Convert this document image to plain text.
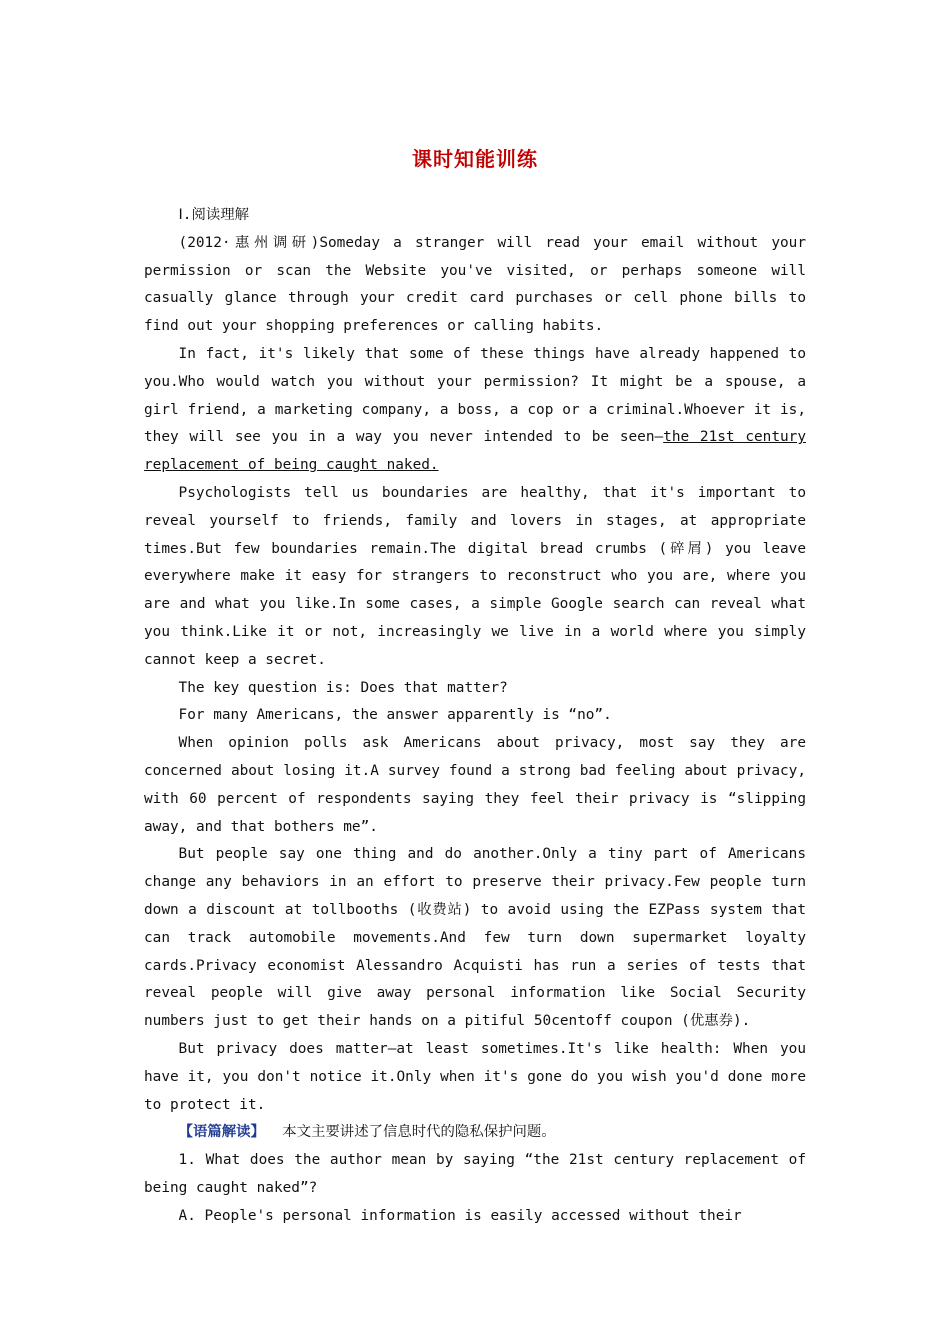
课时知能训练
Ⅰ.阅读理解

(2012·惠州调研)Someday a stranger will read your email without your permission or scan the Website you've visited, or perhaps someone will casually glance through your credit card purchases or cell phone bills to find out your shopping preferences or calling habits.

In fact, it's likely that some of these things have already happened to you.Who would watch you without your permission? It might be a spouse, a girl friend, a marketing company, a boss, a cop or a criminal.Whoever it is, they will see you in a way you never intended to be seen—the 21st century replacement of being caught naked.

Psychologists tell us boundaries are healthy, that it's important to reveal yourself to friends, family and lovers in stages, at appropriate times.But few boundaries remain.The digital bread crumbs (碎屑) you leave everywhere make it easy for strangers to reconstruct who you are, where you are and what you like.In some cases, a simple Google search can reveal what you think.Like it or not, increasingly we live in a world where you simply cannot keep a secret.

The key question is: Does that matter?

For many Americans, the answer apparently is “no”.

When opinion polls ask Americans about privacy, most say they are concerned about losing it.A survey found a strong bad feeling about privacy, with 60 percent of respondents saying they feel their privacy is “slipping away, and that bothers me”.

But people say one thing and do another.Only a tiny part of Americans change any behaviors in an effort to preserve their privacy.Few people turn down a discount at tollbooths (收费站) to avoid using the EZPass system that can track automobile movements.And few turn down supermarket loyalty cards.Privacy economist Alessandro Acquisti has run a series of tests that reveal people will give away personal information like Social Security numbers just to get their hands on a pitiful 50centoff coupon (优惠券).

But privacy does matter—at least sometimes.It's like health: When you have it, you don't notice it.Only when it's gone do you wish you'd done more to protect it.

【语篇解读】 本文主要讲述了信息时代的隐私保护问题。

1. What does the author mean by saying “the 21st century replacement of being caught naked”?

A. People's personal information is easily accessed without their
